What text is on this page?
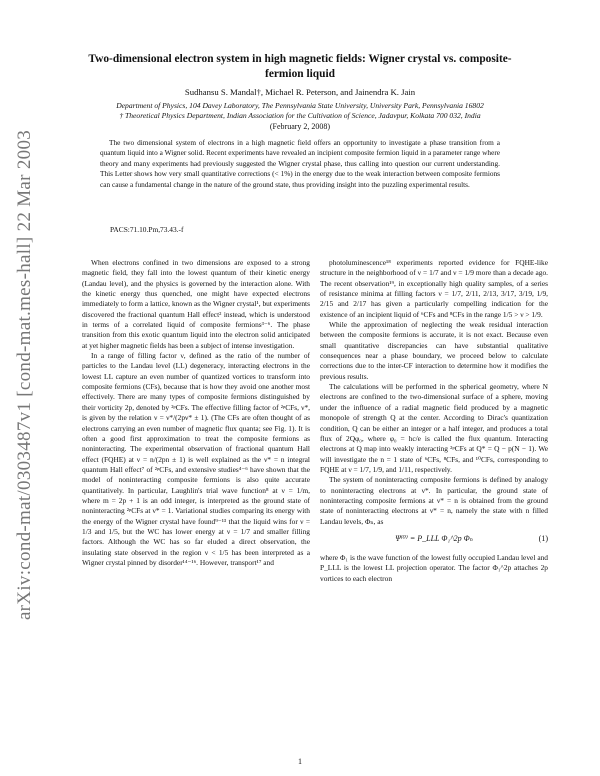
arXiv:cond-mat/0303487v1 [cond-mat.mes-hall] 22 Mar 2003
Two-dimensional electron system in high magnetic fields: Wigner crystal vs. composite-fermion liquid
Sudhansu S. Mandal†, Michael R. Peterson, and Jainendra K. Jain
Department of Physics, 104 Davey Laboratory, The Pennsylvania State University, University Park, Pennsylvania 16802
† Theoretical Physics Department, Indian Association for the Cultivation of Science, Jadavpur, Kolkata 700 032, India
(February 2, 2008)
The two dimensional system of electrons in a high magnetic field offers an opportunity to investigate a phase transition from a quantum liquid into a Wigner solid. Recent experiments have revealed an incipient composite fermion liquid in a parameter range where theory and many experiments had previously suggested the Wigner crystal phase, thus calling into question our current understanding. This Letter shows how very small quantitative corrections (< 1%) in the energy due to the weak interaction between composite fermions can cause a fundamental change in the nature of the ground state, thus providing insight into the puzzling experimental results.
PACS:71.10.Pm,73.43.-f

When electrons confined in two dimensions are exposed to a strong magnetic field, they fall into the lowest quantum of their kinetic energy (Landau level), and the physics is governed by the interaction alone. With the kinetic energy thus quenched, one might have expected electrons immediately to form a lattice, known as the Wigner crystal¹, but experiments discovered the fractional quantum Hall effect² instead, which is understood in terms of a correlated liquid of composite fermions³⁻⁶. The phase transition from this exotic quantum liquid into the electron solid anticipated at yet higher magnetic fields has been a subject of intense investigation.

In a range of filling factor ν, defined as the ratio of the number of particles to the Landau level (LL) degeneracy, interacting electrons in the lowest LL capture an even number of quantized vortices to transform into composite fermions (CFs), because that is how they avoid one another most effectively. There are many types of composite fermions distinguished by their vorticity 2p, denoted by ²ᵖCFs. The effective filling factor of ²ᵖCFs, ν*, is given by the relation ν = ν*/(2pν* ± 1). (The CFs are often thought of as electrons carrying an even number of magnetic flux quanta; see Fig. 1). It is often a good first approximation to treat the composite fermions as noninteracting. The experimental observation of fractional quantum Hall effect (FQHE) at ν = n/(2pn ± 1) is well explained as the ν* = n integral quantum Hall effect⁷ of ²ᵖCFs, and extensive studies⁴⁻⁶ have shown that the model of noninteracting composite fermions is also quite accurate quantitatively. In particular, Laughlin's trial wave function⁸ at ν = 1/m, where m = 2p + 1 is an odd integer, is interpreted as the ground state of noninteracting ²ᵖCFs at ν* = 1. Variational studies comparing its energy with the energy of the Wigner crystal have found⁹⁻¹³ that the liquid wins for ν = 1/3 and 1/5, but the WC has lower energy at ν = 1/7 and smaller filling factors. Although the WC has so far eluded a direct observation, the insulating state observed in the region ν < 1/5 has been interpreted as a Wigner crystal pinned by disorder¹⁴⁻¹⁶. However, transport¹⁷ and

photoluminescence¹⁸ experiments reported evidence for FQHE-like structure in the neighborhood of ν = 1/7 and ν = 1/9 more than a decade ago. The recent observation¹⁹, in exceptionally high quality samples, of a series of resistance minima at filling factors ν = 1/7, 2/11, 2/13, 3/17, 3/19, 1/9, 2/15 and 2/17 has given a particularly compelling indication for the existence of an incipient liquid of ⁶CFs and ⁸CFs in the range 1/5 > ν > 1/9.

While the approximation of neglecting the weak residual interaction between the composite fermions is accurate, it is not exact. Because even small quantitative discrepancies can have substantial qualitative consequences near a phase boundary, we proceed below to calculate corrections due to the inter-CF interaction to determine how it modifies the previous results.

The calculations will be performed in the spherical geometry, where N electrons are confined to the two-dimensional surface of a sphere, moving under the influence of a radial magnetic field produced by a magnetic monopole of strength Q at the center. According to Dirac's quantization condition, Q can be either an integer or a half integer, and produces a total flux of 2Qφ₀, where φ₀ = hc/e is called the flux quantum. Interacting electrons at Q map into weakly interacting ²ᵖCFs at Q* = Q − p(N − 1). We will investigate the n = 1 state of ⁶CFs, ⁸CFs, and ¹⁰CFs, corresponding to FQHE at ν = 1/7, 1/9, and 1/11, respectively.

The system of noninteracting composite fermions is defined by analogy to noninteracting electrons at ν*. In particular, the ground state of noninteracting composite fermions at ν* = n is obtained from the ground state of noninteracting electrons at ν* = n, namely the state with n filled Landau levels, Φₙ, as

Ψ⁽⁰⁾ = P_LLL Φ₁^2p Φₙ	(1)

where Φ₁ is the wave function of the lowest fully occupied Landau level and P_LLL is the lowest LL projection operator. The factor Φ₁^2p attaches 2p vortices to each electron

1
